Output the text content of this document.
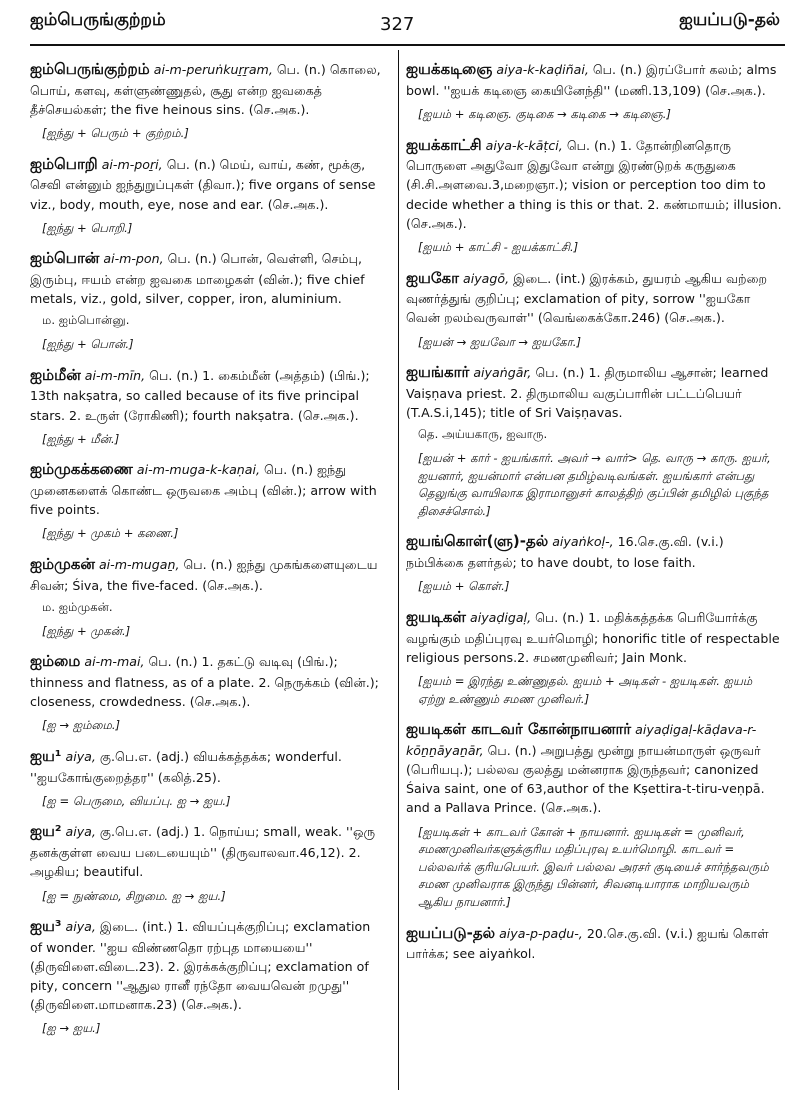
ஐம்பெருங்குற்றம்	327	ஐயப்படு-தல்
ஐம்பெருங்குற்றம் ai-m-peruṅkuṟṟam, பெ. (n.) கொலை, பொய், களவு, கள்ளுண்ணுதல், சூது என்ற ஐவகைத் தீச்செயல்கள்; the five heinous sins. (செ.அக.).
[ஐந்து + பெரும் + குற்றம்.]
ஐம்பொறி ai-m-poṟi, பெ. (n.) மெய், வாய், கண், மூக்கு, செவி என்னும் ஐந்துறுப்புகள் (திவா.); five organs of sense viz., body, mouth, eye, nose and ear. (செ.அக.).
[ஐந்து + பொறி.]
ஐம்பொன் ai-m-pon, பெ. (n.) பொன், வெள்ளி, செம்பு, இரும்பு, ஈயம் என்ற ஐவகை மாழைகள் (வின்.); five chief metals, viz., gold, silver, copper, iron, aluminium.
ம. ஐம்பொன்னு.
[ஐந்து + பொன்.]
ஐம்மீன் ai-m-mīn, பெ. (n.) 1. கைம்மீன் (அத்தம்) (பிங்.); 13th nakṣatra, so called because of its five principal stars. 2. உருள் (ரோகிணி); fourth nakṣatra. (செ.அக.).
[ஐந்து + மீன்.]
ஐம்முகக்கணை ai-m-muga-k-kaṇai, பெ. (n.) ஐந்து முனைகளைக் கொண்ட ஒருவகை அம்பு (வின்.); arrow with five points.
[ஐந்து + முகம் + கணை.]
ஐம்முகன் ai-m-mugaṉ, பெ. (n.) ஐந்து முகங்களையுடைய சிவன்; Śiva, the five-faced. (செ.அக.).
ம. ஐம்முகன்.
[ஐந்து + முகன்.]
ஐம்மை ai-m-mai, பெ. (n.) 1. தகட்டு வடிவு (பிங்.); thinness and flatness, as of a plate. 2. நெருக்கம் (வின்.); closeness, crowdedness. (செ.அக.).
[ஐ → ஐம்மை.]
ஐய¹ aiya, கு.பெ.எ. (adj.) வியக்கத்தக்க; wonderful. ''ஐயகோங்குறைத்தர'' (கலித்.25).
[ஐ = பெருமை, வியப்பு. ஐ → ஐய.]
ஐய² aiya, கு.பெ.எ. (adj.) 1. நொய்ய; small, weak. ''ஒரு தனக்குள்ள வைய படையையும்'' (திருவாலவா.46,12). 2. அழகிய; beautiful.
[ஐ = நுண்மை, சிறுமை. ஐ → ஐய.]
ஐய³ aiya, இடை. (int.) 1. வியப்புக்குறிப்பு; exclamation of wonder. ''ஐய விண்ணதொ ரற்புத மாயையை'' (திருவிளை.விடை.23). 2. இரக்கக்குறிப்பு; exclamation of pity, concern ''ஆதுல ரானீ ரந்தோ வையவென் றமுது'' (திருவிளை.மாமனாக.23) (செ.அக.).
[ஐ → ஐய.]
ஐயக்கடிஞை aiya-k-kaḍiñai, பெ. (n.) இரப்போர் கலம்; alms bowl. ''ஐயக் கடிஞை கையினேந்தி'' (மணி.13,109) (செ.அக.).
[ஐயம் + கடிஞை. குடிகை → கடிகை → கடிஞை.]
ஐயக்காட்சி aiya-k-kāṭci, பெ. (n.) 1. தோன்றினதொரு பொருளை அதுவோ இதுவோ என்று இரண்டுறக் கருதுகை (சி.சி.அளவை.3,மறைஞா.); vision or perception too dim to decide whether a thing is this or that. 2. கண்மாயம்; illusion. (செ.அக.).
[ஐயம் + காட்சி - ஐயக்காட்சி.]
ஐயகோ aiyagō, இடை. (int.) இரக்கம், துயரம் ஆகிய வற்றை வுணர்த்துங் குறிப்பு; exclamation of pity, sorrow ''ஐயகோ வென் றலம்வருவாள்'' (வெங்கைக்கோ.246) (செ.அக.).
[ஐயன் → ஐயவோ → ஐயகோ.]
ஐயங்கார் aiyaṅgār, பெ. (n.) 1. திருமாலிய ஆசான்; learned Vaiṣṇava priest. 2. திருமாலிய வகுப்பாரின் பட்டப்பெயர் (T.A.S.i,145); title of Sri Vaiṣṇavas.
தெ. அய்யகாரு, ஐவாரு.
[ஐயன் + கார் - ஐயங்கார். அவர் → வார்> தெ. வாரு → காரு. ஐயர், ஐயனார், ஐயன்மார் என்பன தமிழ்வடிவங்கள். ஐயங்கார் என்பது தெலுங்கு வாயிலாக இராமானுசர் காலத்திற் குப்பின் தமிழில் புகுந்த திசைச்சொல்.]
ஐயங்கொள்(ளு)-தல் aiyaṅkoḷ-, 16.செ.கு.வி. (v.i.) நம்பிக்கை தளர்தல்; to have doubt, to lose faith.
[ஐயம் + கொள்.]
ஐயடிகள் aiyaḍigaḷ, பெ. (n.) 1. மதிக்கத்தக்க பெரியோர்க்கு வழங்கும் மதிப்புரவு உயர்மொழி; honorific title of respectable religious persons.2. சமணமுனிவர்; Jain Monk.
[ஐயம் = இரந்து உண்ணுதல். ஐயம் + அடிகள் - ஐயடிகள். ஐயம் ஏற்று உண்ணும் சமண முனிவர்.]
ஐயடிகள் காடவர் கோன்நாயனார் aiyaḍigaḷ-kāḍava-r-kōṉṉāyaṉār, பெ. (n.) அறுபத்து மூன்று நாயன்மாருள் ஒருவர் (பெரியபு.); பல்லவ குலத்து மன்னராக இருந்தவர்; canonized Śaiva saint, one of 63,author of the Kṣettira-t-tiru-veṇpā. and a Pallava Prince. (செ.அக.).
[ஐயடிகள் + காடவர் கோன் + நாயனார். ஐயடிகள் = முனிவர், சமணமுனிவர்களுக்குரிய மதிப்புரவு உயர்மொழி. காடவர் = பல்லவர்க் குரியபெயர். இவர் பல்லவ அரசர் குடியைச் சார்ந்தவரும் சமண முனிவராக இருந்து பின்னர், சிவனடியாராக மாறியவரும் ஆகிய நாயனார்.]
ஐயப்படு-தல் aiya-p-paḍu-, 20.செ.கு.வி. (v.i.) ஐயங் கொள் பார்க்க; see aiyaṅkol.
